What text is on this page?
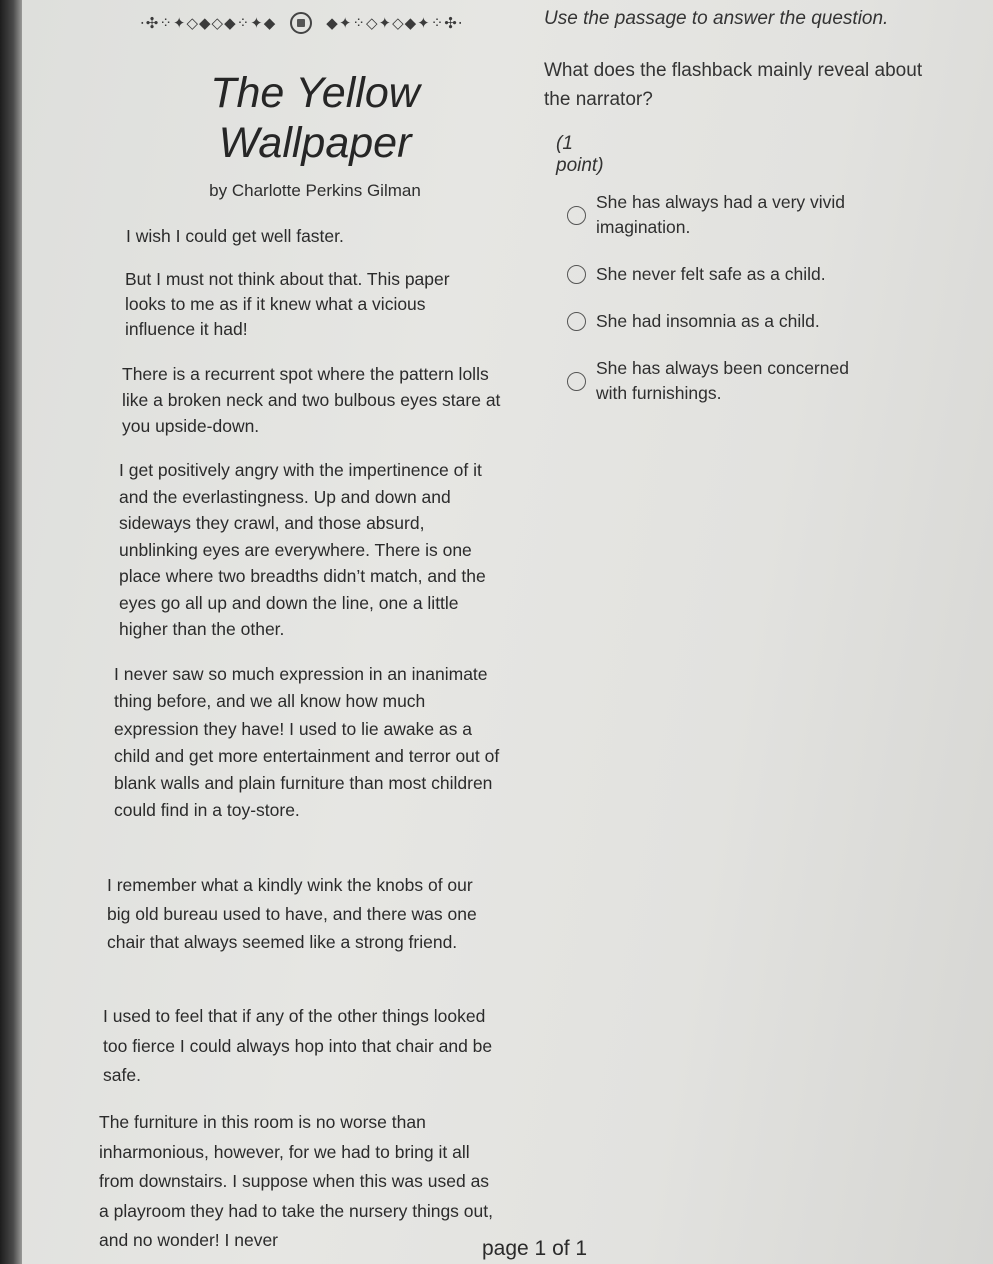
⋅✣⁘✦◇◆◇◆⁘✦◆	◆✦⁘◇✦◇◆✦⁘✣⋅
The Yellow Wallpaper
by Charlotte Perkins Gilman

I wish I could get well faster.

But I must not think about that. This paper looks to me as if it knew what a vicious influence it had!

There is a recurrent spot where the pattern lolls like a broken neck and two bulbous eyes stare at you upside-down.

I get positively angry with the impertinence of it and the everlastingness. Up and down and sideways they crawl, and those absurd, unblinking eyes are everywhere. There is one place where two breadths didn’t match, and the eyes go all up and down the line, one a little higher than the other.

I never saw so much expression in an inanimate thing before, and we all know how much expression they have! I used to lie awake as a child and get more entertainment and terror out of blank walls and plain furniture than most children could find in a toy-store.

I remember what a kindly wink the knobs of our big old bureau used to have, and there was one chair that always seemed like a strong friend.

I used to feel that if any of the other things looked too fierce I could always hop into that chair and be safe.

The furniture in this room is no worse than inharmonious, however, for we had to bring it all from downstairs. I suppose when this was used as a playroom they had to take the nursery things out, and no wonder! I never

Use the passage to answer the question.
What does the flashback mainly reveal about the narrator?
(1 point)
She has always had a very vivid imagination.
She never felt safe as a child.
She had insomnia as a child.
She has always been concerned with furnishings.
page 1 of 1
